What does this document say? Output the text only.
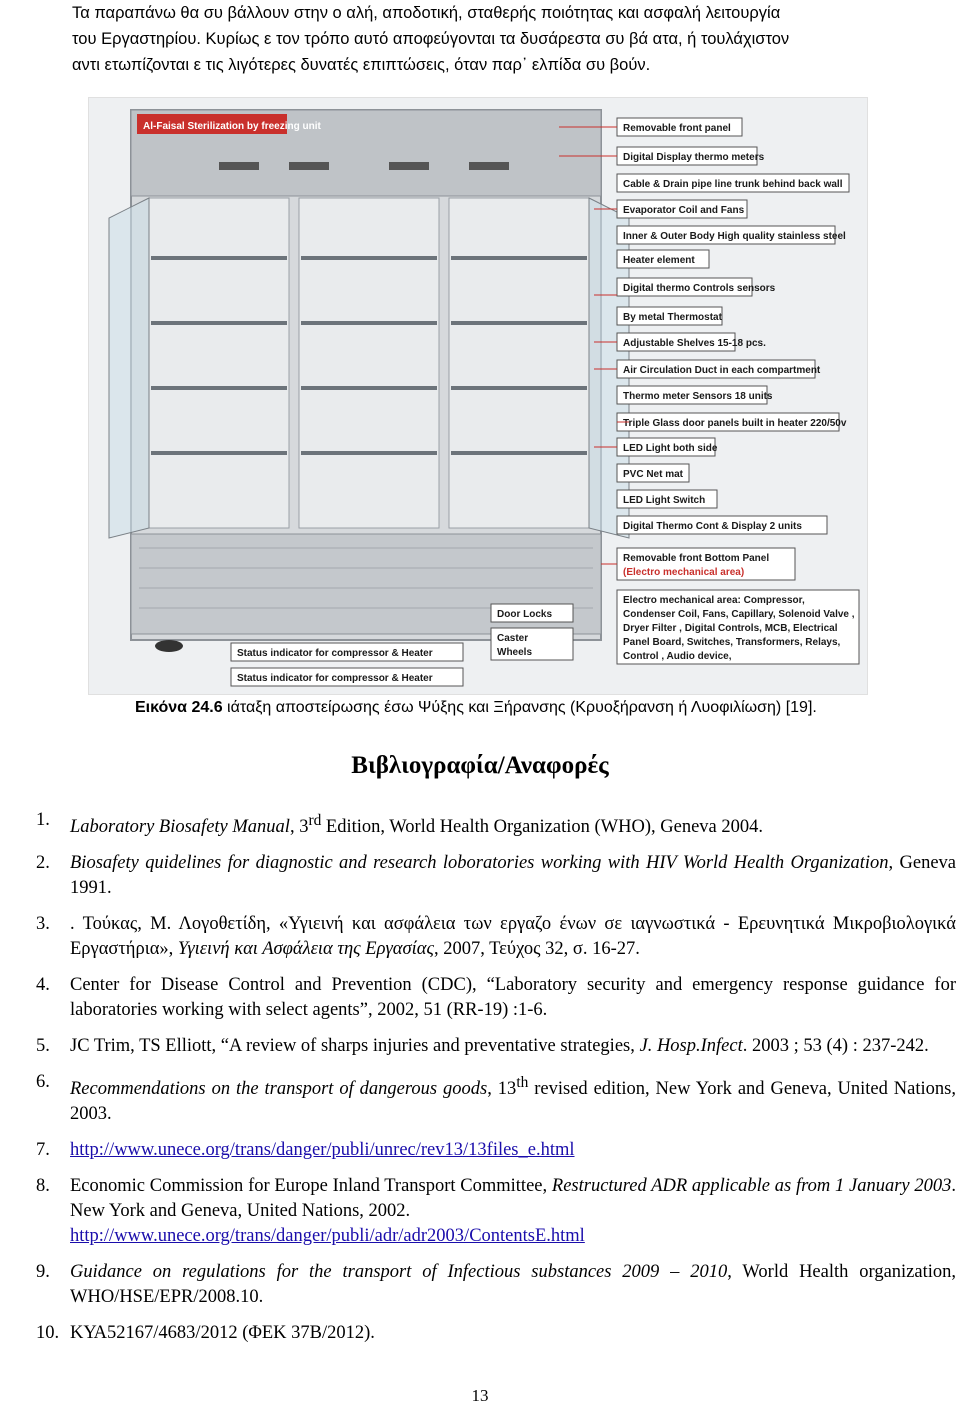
Τα παραπάνω θα συ βάλλουν στην ο αλή, αποδοτική, σταθερής ποιότητας και ασφαλή λειτουργία

του Εργαστηρίου. Κυρίως ε τον τρόπο αυτό αποφεύγονται τα δυσάρεστα συ βά ατα, ή τουλάχιστον

αντι ετωπίζονται ε τις λιγότερες δυνατές επιπτώσεις, όταν παρ᾽ ελπίδα συ βούν.

Al-Faisal Sterilization by freezing unit	Removable front panel
Digital Display thermo meters
Cable & Drain pipe line trunk behind back wall
Evaporator Coil and Fans
Inner & Outer Body High quality stainless steel
Heater element
Digital thermo Controls sensors
By metal Thermostat
Adjustable Shelves 15-18 pcs.
Air Circulation Duct in each compartment
Thermo meter Sensors 18 units
Triple Glass door panels built in heater 220/50v
LED Light both side
PVC Net mat
LED Light Switch
Digital Thermo Cont & Display 2 units
Removable front Bottom Panel
(Electro mechanical area)
Electro mechanical area: Compressor,
Condenser Coil, Fans, Capillary, Solenoid Valve ,
Dryer Filter , Digital Controls, MCB, Electrical
Panel Board, Switches, Transformers, Relays,
Control , Audio device,
Door Locks
Caster
Wheels
Status indicator for compressor & Heater
Status indicator for compressor & Heater
Εικόνα 24.6 ιάταξη αποστείρωσης έσω Ψύξης και Ξήρανσης (Κρυοξήρανση ή Λυοφιλίωση) [19].
Βιβλιογραφία/Αναφορές
1. Laboratory Biosafety Manual, 3rd Edition, World Health Organization (WHO), Geneva 2004.
2. Biosafety quidelines for diagnostic and research loboratories working with HIV World Health Organization, Geneva 1991.
3. . Τούκας, Μ. Λογοθετίδη, «Υγιεινή και ασφάλεια των εργαζο ένων σε ιαγνωστικά - Ερευνητικά Μικροβιολογικά Εργαστήρια», Υγιεινή και Ασφάλεια της Εργασίας, 2007, Τεύχος 32, σ. 16-27.
4. Center for Disease Control and Prevention (CDC), “Laboratory security and emergency response guidance for laboratories working with select agents”, 2002, 51 (RR-19) :1-6.
5. JC Trim, TS Elliott, “A review of sharps injuries and preventative strategies, J. Hosp.Infect. 2003 ; 53 (4) : 237-242.
6. Recommendations on the transport of dangerous goods, 13th revised edition, New York and Geneva, United Nations, 2003.
7. http://www.unece.org/trans/danger/publi/unrec/rev13/13files_e.html
8. Economic Commission for Europe Inland Transport Committee, Restructured ADR applicable as from 1 January 2003. New York and Geneva, United Nations, 2002.
http://www.unece.org/trans/danger/publi/adr/adr2003/ContentsE.html
9. Guidance on regulations for the transport of Infectious substances 2009 – 2010, World Health organization, WHO/HSE/EPR/2008.10.
10. ΚΥΑ52167/4683/2012 (ΦΕΚ 37Β/2012).
13
